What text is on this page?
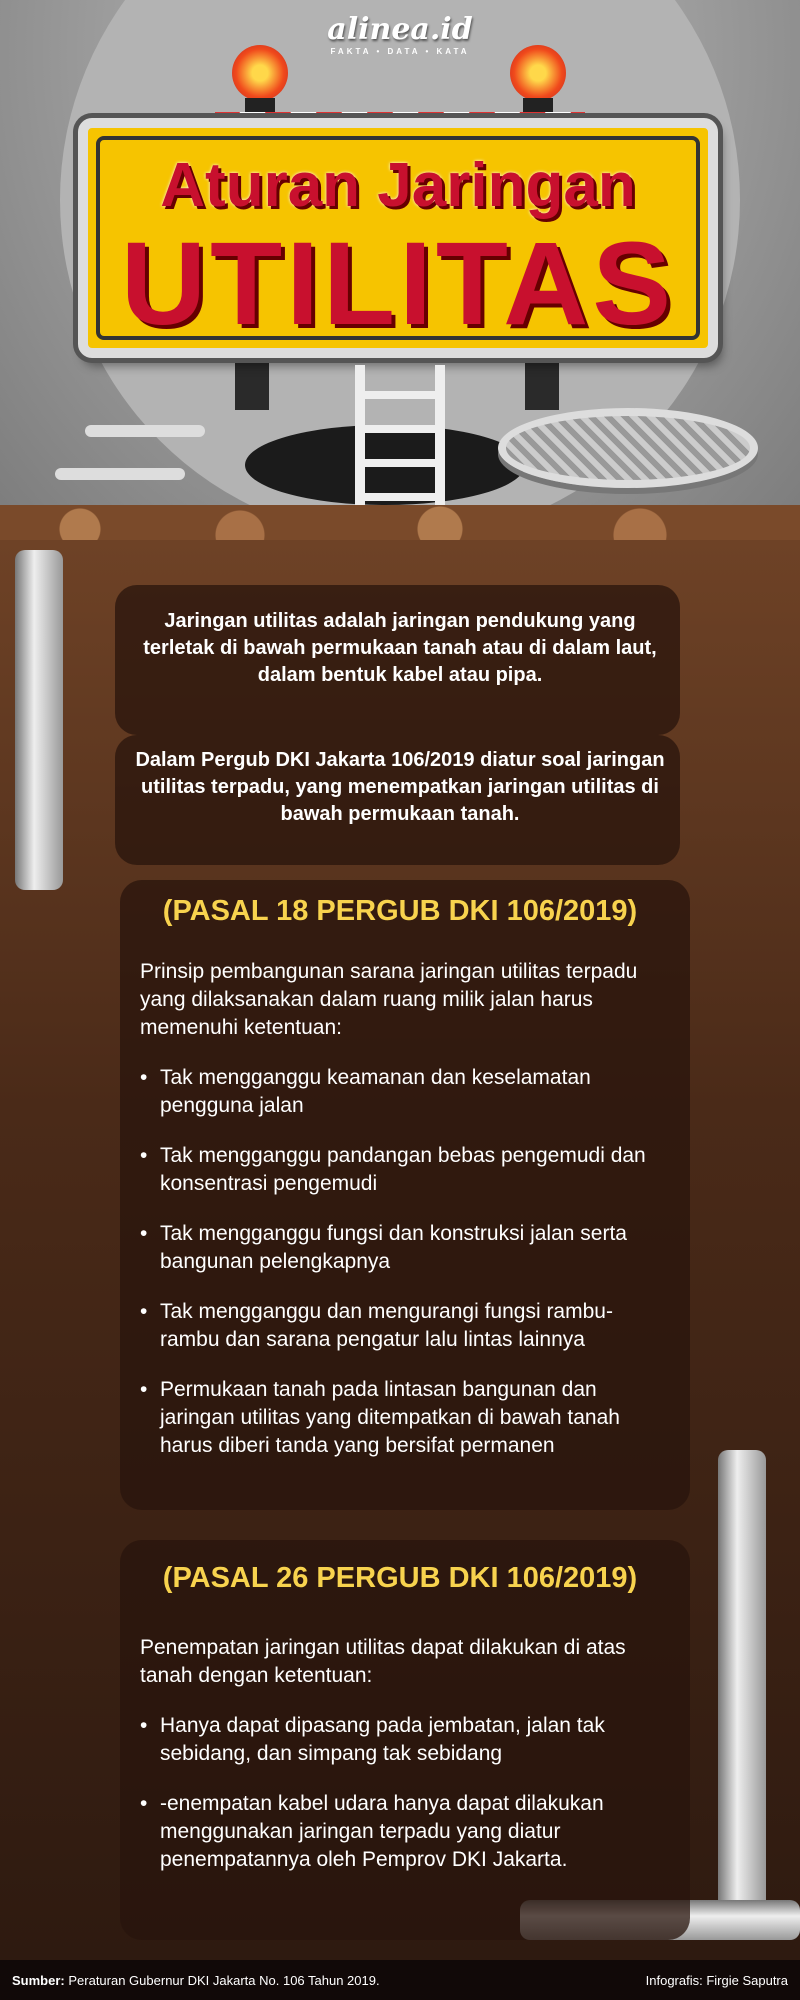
alinea.id
FAKTA • DATA • KATA
Aturan Jaringan
UTILITAS
Jaringan utilitas adalah jaringan pendukung yang terletak di bawah permukaan tanah atau di dalam laut, dalam bentuk kabel atau pipa.
Dalam Pergub DKI Jakarta 106/2019 diatur soal jaringan utilitas terpadu, yang menempatkan jaringan utilitas di bawah permukaan tanah.
(PASAL 18 PERGUB DKI 106/2019)

Prinsip pembangunan sarana jaringan utilitas terpadu yang dilaksanakan dalam ruang milik jalan harus memenuhi ketentuan:

• Tak mengganggu keamanan dan keselamatan pengguna jalan
• Tak mengganggu pandangan bebas pengemudi dan konsentrasi pengemudi
• Tak mengganggu fungsi dan konstruksi jalan serta bangunan pelengkapnya
• Tak mengganggu dan mengurangi fungsi rambu-rambu dan sarana pengatur lalu lintas lainnya
• Permukaan tanah pada lintasan bangunan dan jaringan utilitas yang ditempatkan di bawah tanah harus diberi tanda yang bersifat permanen
(PASAL 26 PERGUB DKI 106/2019)

Penempatan jaringan utilitas dapat dilakukan di atas tanah dengan ketentuan:

• Hanya dapat dipasang pada jembatan, jalan tak sebidang, dan simpang tak sebidang
• -enempatan kabel udara hanya dapat dilakukan menggunakan jaringan terpadu yang diatur penempatannya oleh Pemprov DKI Jakarta.
Sumber: Peraturan Gubernur DKI Jakarta No. 106 Tahun 2019.	Infografis: Firgie Saputra
